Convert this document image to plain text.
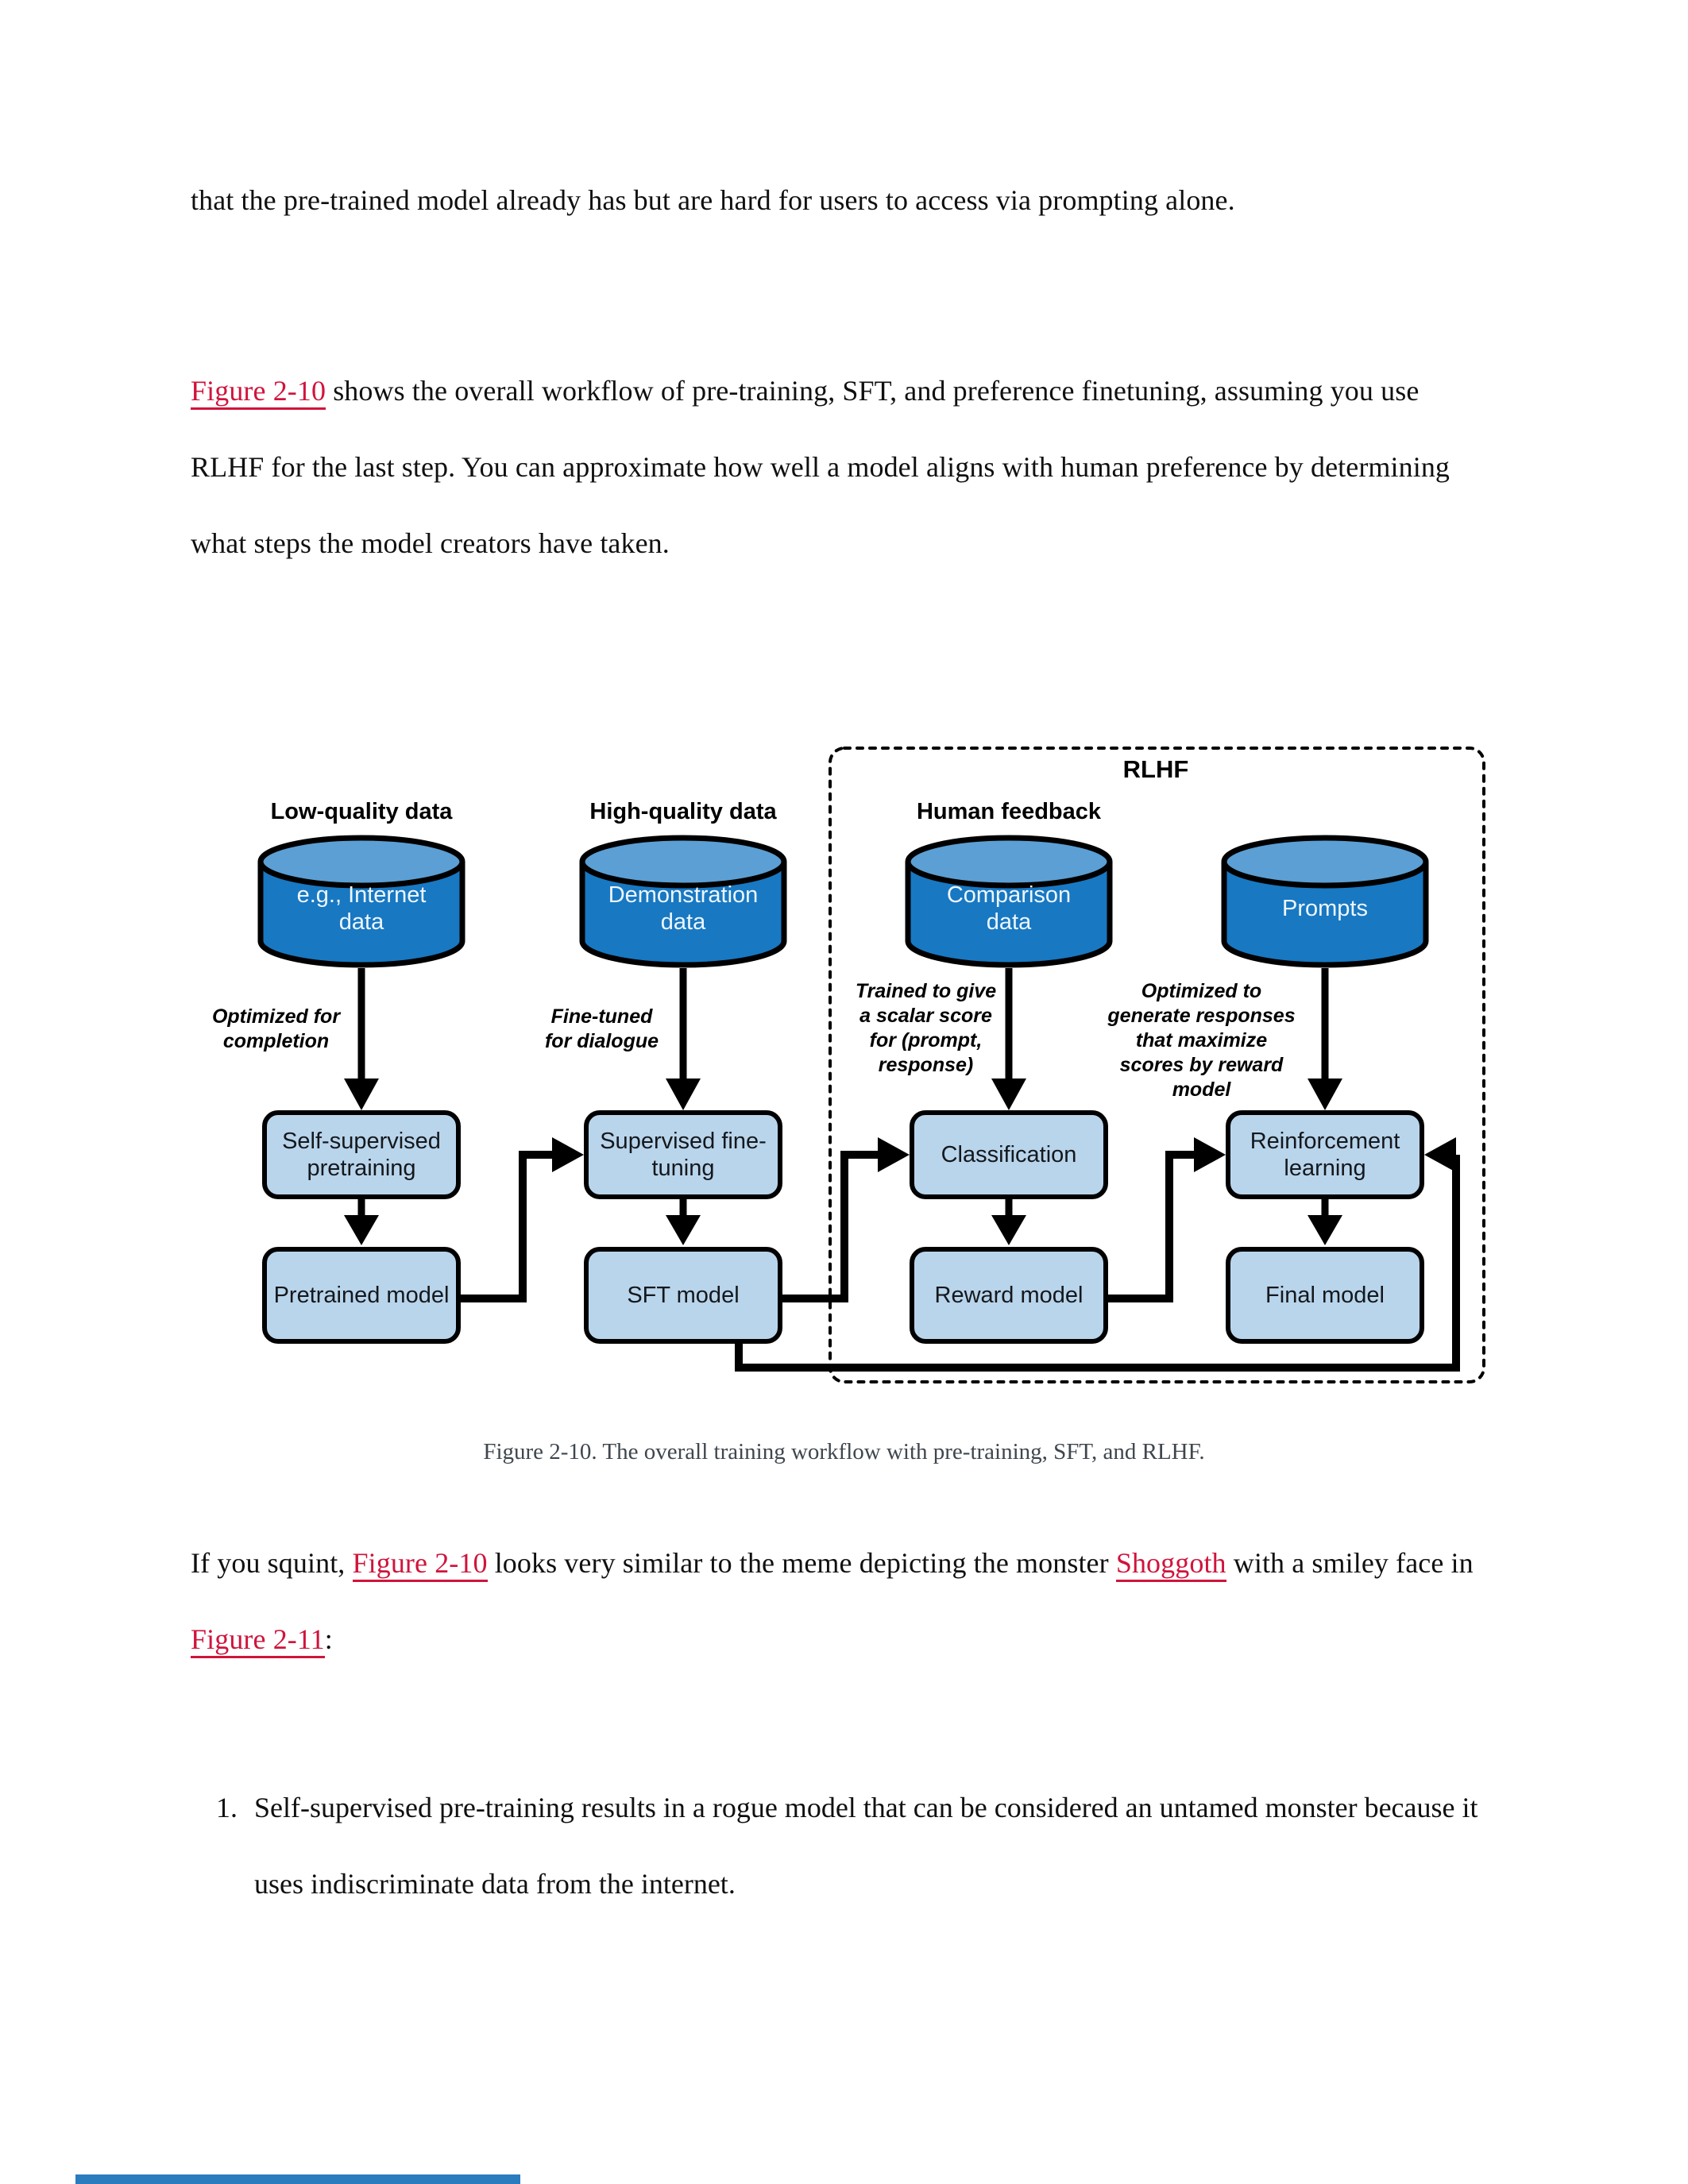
that the pre-trained model already has but are hard for users to access via prompting alone.

Figure 2-10 shows the overall workflow of pre-training, SFT, and preference finetuning, assuming you use RLHF for the last step. You can approximate how well a model aligns with human preference by determining what steps the model creators have taken.

RLHF
Low-quality data	High-quality data	Human feedback
e.g., Internet data
Demonstration data
Comparison data
Prompts
Optimized for completion
Fine-tuned for dialogue
Trained to give a scalar score for (prompt, response)
Optimized to generate responses that maximize scores by reward model
Self-supervised pretraining
Supervised fine-tuning
Classification
Reinforcement learning
Pretrained model	SFT model	Reward model	Final model
Figure 2-10. The overall training workflow with pre-training, SFT, and RLHF.

If you squint, Figure 2-10 looks very similar to the meme depicting the monster Shoggoth with a smiley face in Figure 2-11:

1. Self-supervised pre-training results in a rogue model that can be considered an untamed monster because it uses indiscriminate data from the internet.
